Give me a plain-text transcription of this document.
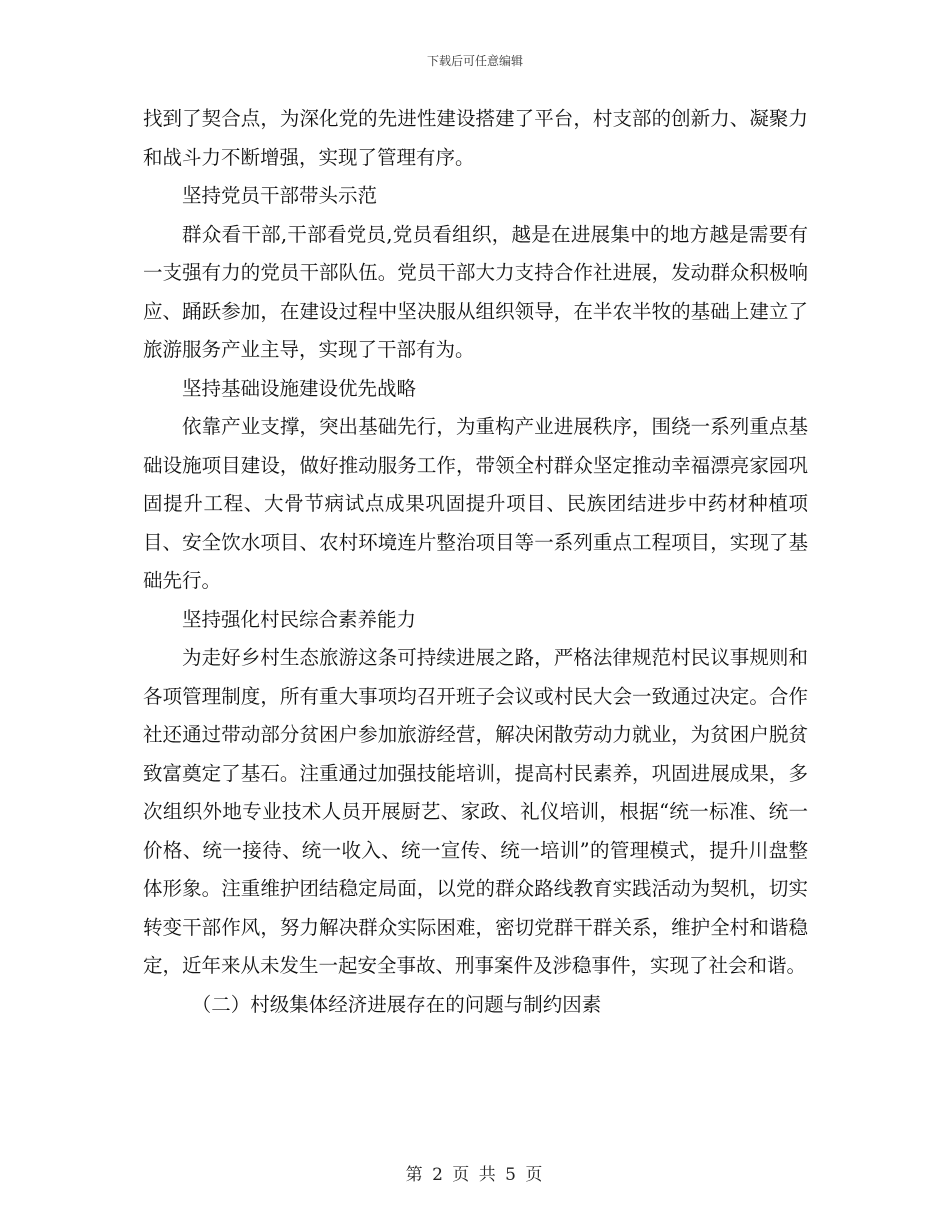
下载后可任意编辑

找到了契合点，为深化党的先进性建设搭建了平台，村支部的创新力、凝聚力和战斗力不断增强，实现了管理有序。

坚持党员干部带头示范

群众看干部,干部看党员,党员看组织，越是在进展集中的地方越是需要有一支强有力的党员干部队伍。党员干部大力支持合作社进展，发动群众积极响应、踊跃参加，在建设过程中坚决服从组织领导，在半农半牧的基础上建立了旅游服务产业主导，实现了干部有为。

坚持基础设施建设优先战略

依靠产业支撑，突出基础先行，为重构产业进展秩序，围绕一系列重点基础设施项目建设，做好推动服务工作，带领全村群众坚定推动幸福漂亮家园巩固提升工程、大骨节病试点成果巩固提升项目、民族团结进步中药材种植项目、安全饮水项目、农村环境连片整治项目等一系列重点工程项目，实现了基础先行。

坚持强化村民综合素养能力

为走好乡村生态旅游这条可持续进展之路，严格法律规范村民议事规则和各项管理制度，所有重大事项均召开班子会议或村民大会一致通过决定。合作社还通过带动部分贫困户参加旅游经营，解决闲散劳动力就业，为贫困户脱贫致富奠定了基石。注重通过加强技能培训，提高村民素养，巩固进展成果，多次组织外地专业技术人员开展厨艺、家政、礼仪培训，根据“统一标准、统一价格、统一接待、统一收入、统一宣传、统一培训”的管理模式，提升川盘整体形象。注重维护团结稳定局面，以党的群众路线教育实践活动为契机，切实转变干部作风，努力解决群众实际困难，密切党群干群关系，维护全村和谐稳定，近年来从未发生一起安全事故、刑事案件及涉稳事件，实现了社会和谐。

（二）村级集体经济进展存在的问题与制约因素

第 2 页 共 5 页
